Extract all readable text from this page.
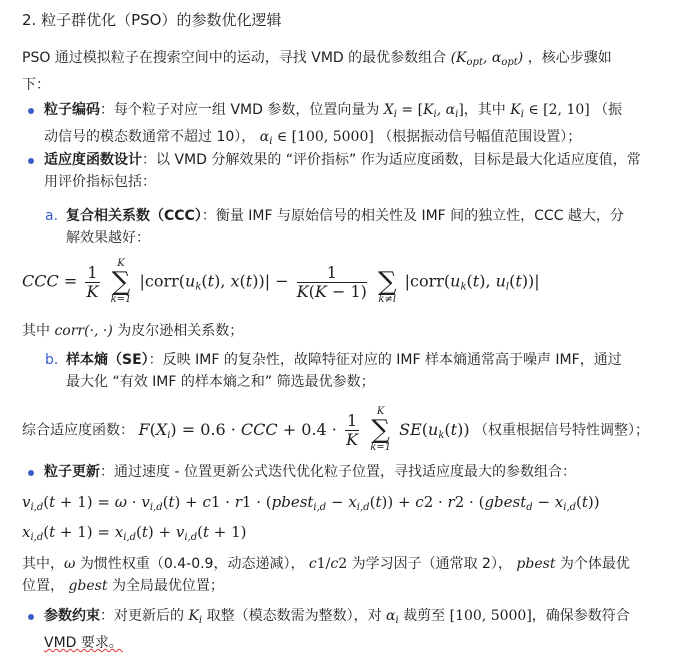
2. 粒子群优化（PSO）的参数优化逻辑
PSO 通过模拟粒子在搜索空间中的运动，寻找 VMD 的最优参数组合 ($K_{opt}$, $\alpha_{opt}$) ，核心步骤如
下：
粒子编码：每个粒子对应一组 VMD 参数，位置向量为 $X_i = [K_i$, $\alpha_i$]，其中 $K_i$ ∈ [2, 10] （振
动信号的模态数通常不超过 10）， $\alpha_i$ ∈ [100, 5000] （根据振动信号幅值范围设置）；
适应度函数设计：以 VMD 分解效果的 “评价指标” 作为适应度函数，目标是最大化适应度值，常
用评价指标包括：
a. 复合相关系数（CCC）：衡量 IMF 与原始信号的相关性及 IMF 间的独立性，CCC 越大，分
解效果越好：
CCC = $\frac{1}{K}$
	K
∑
k=1
$|corr(u_k(t)$, $x(t))| - \frac{1}{K(K - 1)}$

∑
k≠l
$|corr(u_k(t)$, $u_l(t))|$
其中 corr(·, ·) 为皮尔逊相关系数；
b. 样本熵（SE）：反映 IMF 的复杂性，故障特征对应的 IMF 样本熵通常高于噪声 IMF，通过
最大化 “有效 IMF 的样本熵之和” 筛选最优参数；
综合适应度函数： $F(X_i) = 0.6$ · CCC + $0.4 \cdot \frac{1}{K}$
	K
∑
k=1
$SE(u_k(t))$ （权重根据信号特性调整）；
粒子更新：通过速度 - 位置更新公式迭代优化粒子位置，寻找适应度最大的参数组合：
$v_{i,d}(t + 1) = \omega \cdot v_{i,d}(t) + c1 \cdot r1$ · (pbest$_{i,d}$ − $x_{i,d}(t)) + c2 \cdot r2$ · (gbest$_d$ − $x_{i,d}(t)$)
$x_{i,d}(t + 1) = x_{i,d}(t) + v_{i,d}(t + 1)$
其中，ω 为惯性权重（0.4-0.9，动态递减）， c1/c2 为学习因子（通常取 2）， pbest 为个体最优
位置， gbest 为全局最优位置；
参数约束：对更新后的 $K_i$ 取整（模态数需为整数），对 $\alpha_i$ 裁剪至 [100, 5000]，确保参数符合
VMD 要求。
